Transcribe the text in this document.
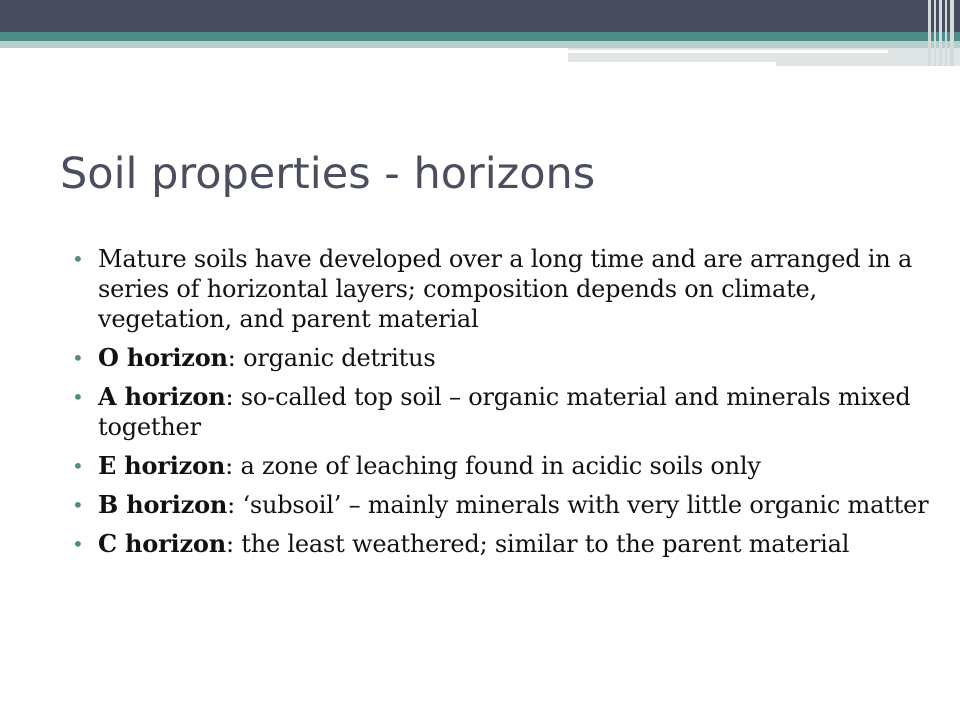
Soil properties - horizons
• Mature soils have developed over a long time and are arranged in a series of horizontal layers; composition depends on climate, vegetation, and parent material
• O horizon: organic detritus
• A horizon: so-called top soil – organic material and minerals mixed together
• E horizon: a zone of leaching found in acidic soils only
• B horizon: ‘subsoil’ – mainly minerals with very little organic matter
• C horizon: the least weathered; similar to the parent material
